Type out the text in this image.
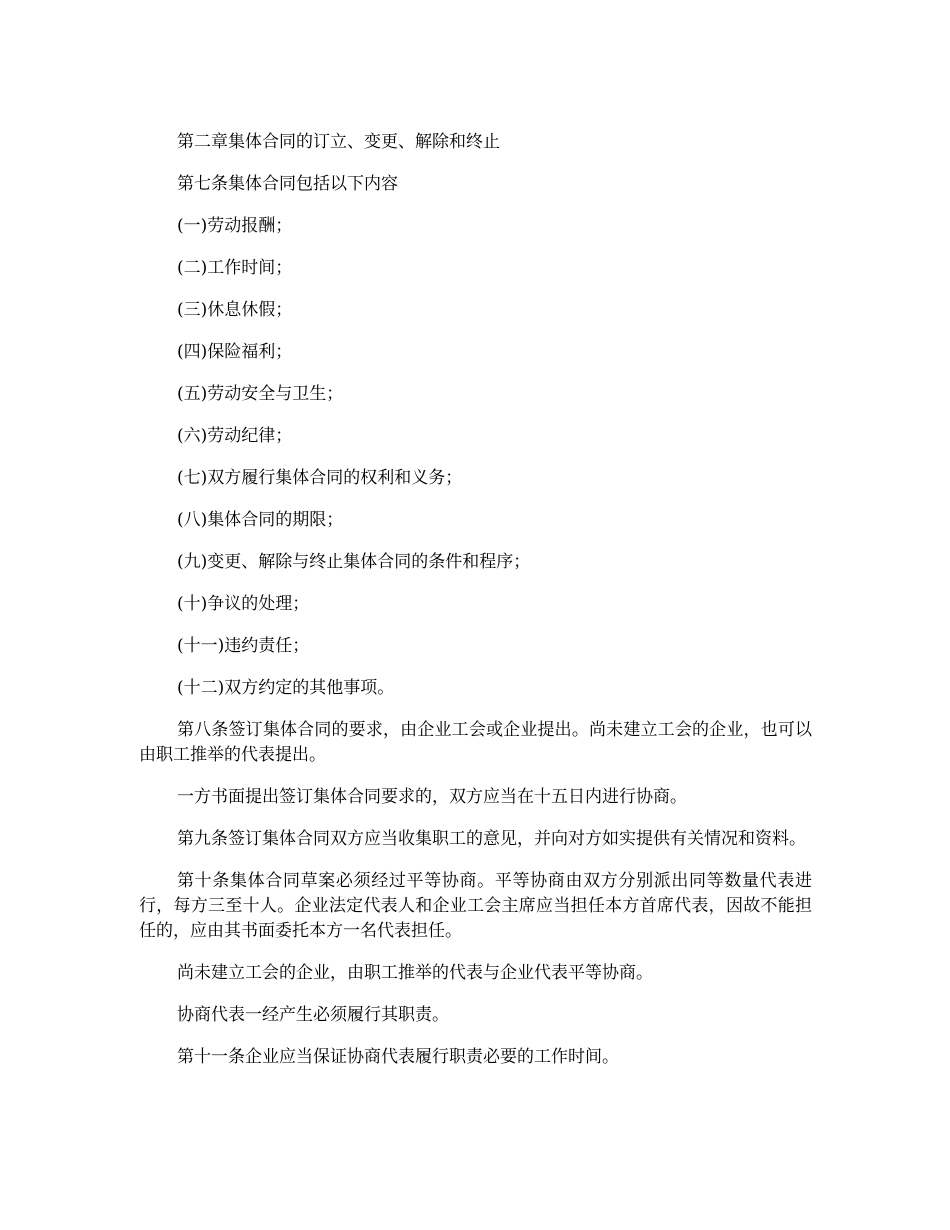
第二章集体合同的订立、变更、解除和终止

第七条集体合同包括以下内容

(一)劳动报酬；

(二)工作时间；

(三)休息休假；

(四)保险福利；

(五)劳动安全与卫生；

(六)劳动纪律；

(七)双方履行集体合同的权利和义务；

(八)集体合同的期限；

(九)变更、解除与终止集体合同的条件和程序；

(十)争议的处理；

(十一)违约责任；

(十二)双方约定的其他事项。

第八条签订集体合同的要求，由企业工会或企业提出。尚未建立工会的企业，也可以由职工推举的代表提出。

一方书面提出签订集体合同要求的，双方应当在十五日内进行协商。

第九条签订集体合同双方应当收集职工的意见，并向对方如实提供有关情况和资料。

第十条集体合同草案必须经过平等协商。平等协商由双方分别派出同等数量代表进行，每方三至十人。企业法定代表人和企业工会主席应当担任本方首席代表，因故不能担任的，应由其书面委托本方一名代表担任。

尚未建立工会的企业，由职工推举的代表与企业代表平等协商。

协商代表一经产生必须履行其职责。

第十一条企业应当保证协商代表履行职责必要的工作时间。
